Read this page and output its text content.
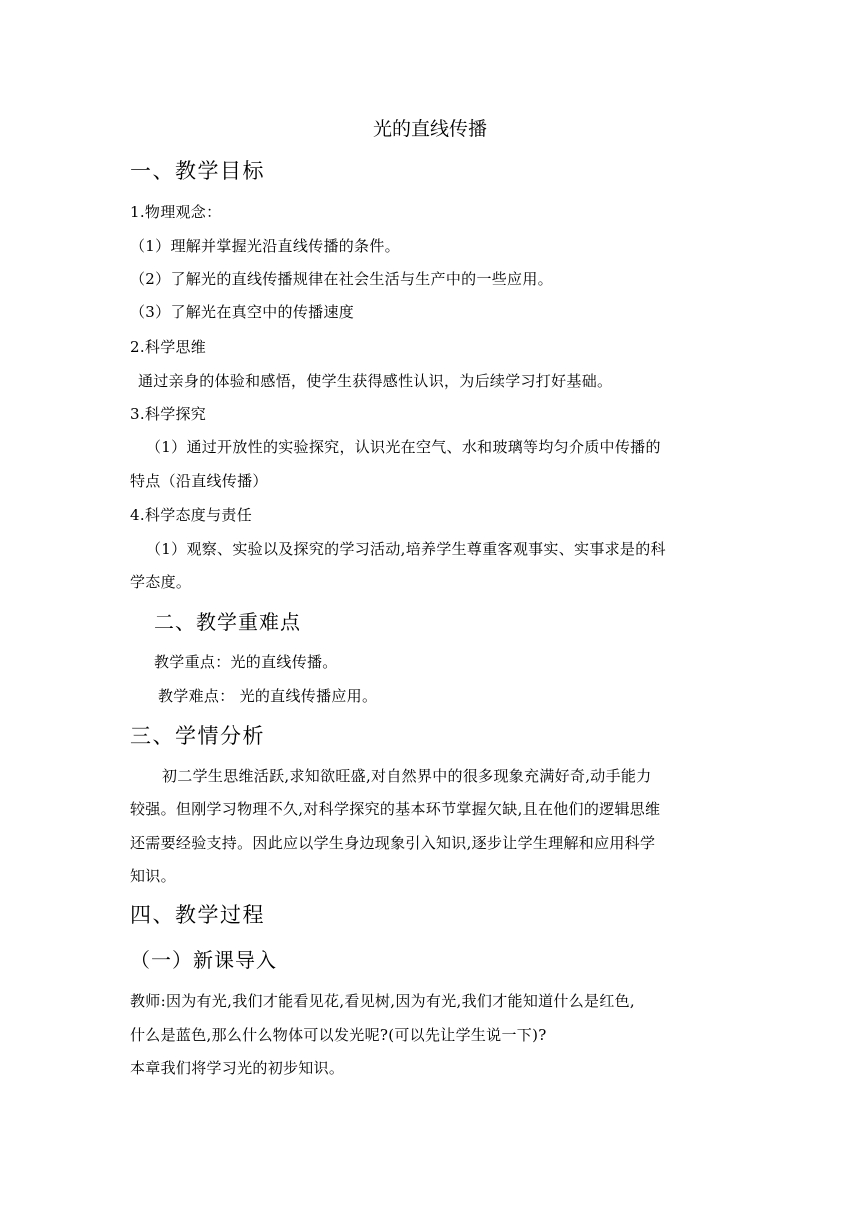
光的直线传播
一、教学目标
1.物理观念：
（1）理解并掌握光沿直线传播的条件。
（2）了解光的直线传播规律在社会生活与生产中的一些应用。
（3）了解光在真空中的传播速度
2.科学思维
通过亲身的体验和感悟，使学生获得感性认识，为后续学习打好基础。
3.科学探究
（1）通过开放性的实验探究，认识光在空气、水和玻璃等均匀介质中传播的
特点（沿直线传播）
4.科学态度与责任
（1）观察、实验以及探究的学习活动,培养学生尊重客观事实、实事求是的科
学态度。
二、教学重难点
教学重点：光的直线传播。
教学难点： 光的直线传播应用。
三、学情分析
初二学生思维活跃,求知欲旺盛,对自然界中的很多现象充满好奇,动手能力
较强。但刚学习物理不久,对科学探究的基本环节掌握欠缺,且在他们的逻辑思维
还需要经验支持。因此应以学生身边现象引入知识,逐步让学生理解和应用科学
知识。
四、教学过程
（一）新课导入
教师:因为有光,我们才能看见花,看见树,因为有光,我们才能知道什么是红色,
什么是蓝色,那么什么物体可以发光呢?(可以先让学生说一下)?
本章我们将学习光的初步知识。
